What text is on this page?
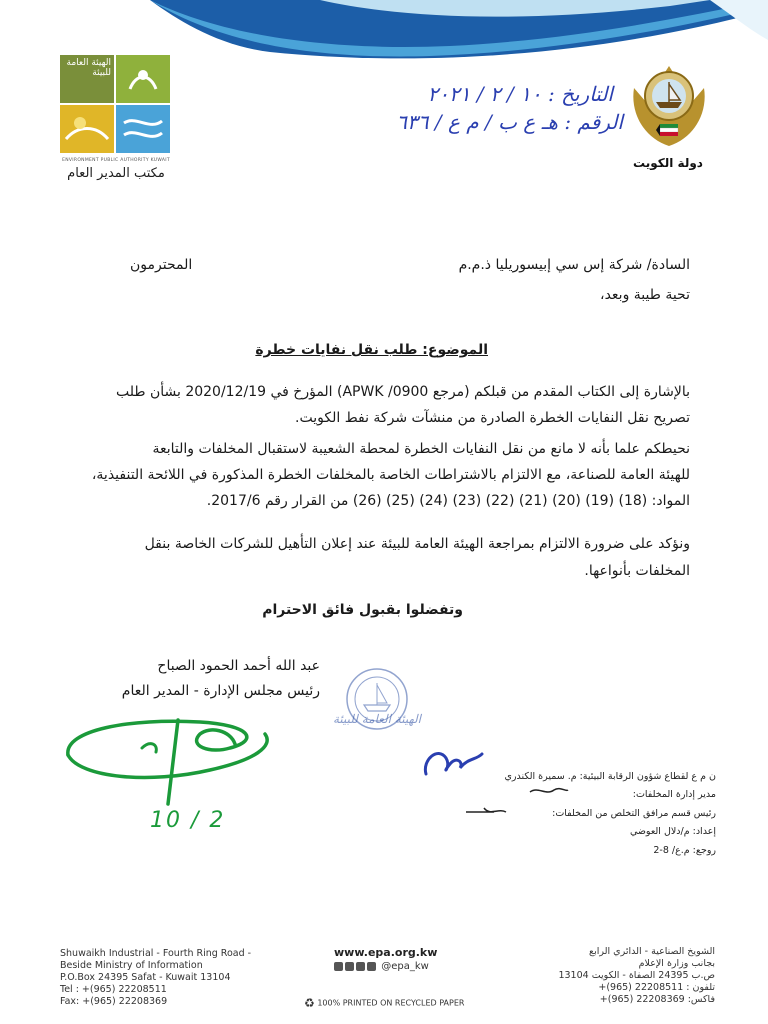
الهيئة العامة للبيئة
ENVIRONMENT PUBLIC AUTHORITY KUWAIT
مكتب المدير العام
دولة الكويت
التاريخ : ١٠ / ٢ / ٢٠٢١
الرقم : هـ ع ب / م ع / ٦٣٦
السادة/ شركة إس سي إبيسوريليا ذ.م.م
المحترمون
تحية طيبة وبعد،
الموضوع: طلب نقل نفايات خطرة
بالإشارة إلى الكتاب المقدم من قبلكم (مرجع APWK /0900) المؤرخ في 2020/12/19 بشأن طلب
تصريح نقل النفايات الخطرة الصادرة من منشآت شركة نفط الكويت.
نحيطكم علما بأنه لا مانع من نقل النفايات الخطرة لمحطة الشعيبة لاستقبال المخلفات والتابعة
للهيئة العامة للصناعة، مع الالتزام بالاشتراطات الخاصة بالمخلفات الخطرة المذكورة في اللائحة التنفيذية،
المواد: (18) (19) (20) (21) (22) (23) (24) (25) (26) من القرار رقم 2017/6.
ونؤكد على ضرورة الالتزام بمراجعة الهيئة العامة للبيئة عند إعلان التأهيل للشركات الخاصة بنقل
المخلفات بأنواعها.
وتفضلوا بقبول فائق الاحترام
عبد الله أحمد الحمود الصباح
رئيس مجلس الإدارة - المدير العام
الهيئة العامة للبيئة
10 / 2
ن م ع لقطاع شؤون الرقابة البيئية: م. سميرة الكندري
مدير إدارة المخلفات:
رئيس قسم مرافق التخلص من المخلفات:
إعداد: م/دلال العوضي
روجع: م.ع/ 8-2
Shuwaikh Industrial - Fourth Ring Road -
Beside Ministry of Information
P.O.Box 24395 Safat - Kuwait 13104
Tel : +(965) 22208511
Fax: +(965) 22208369
www.epa.org.kw
@epa_kw
♻ 100% PRINTED ON RECYCLED PAPER
الشويخ الصناعية - الدائري الرابع
بجانب وزارة الإعلام
ص.ب 24395 الصفاة - الكويت 13104
تلفون : 22208511 (965)+
فاكس: 22208369 (965)+
